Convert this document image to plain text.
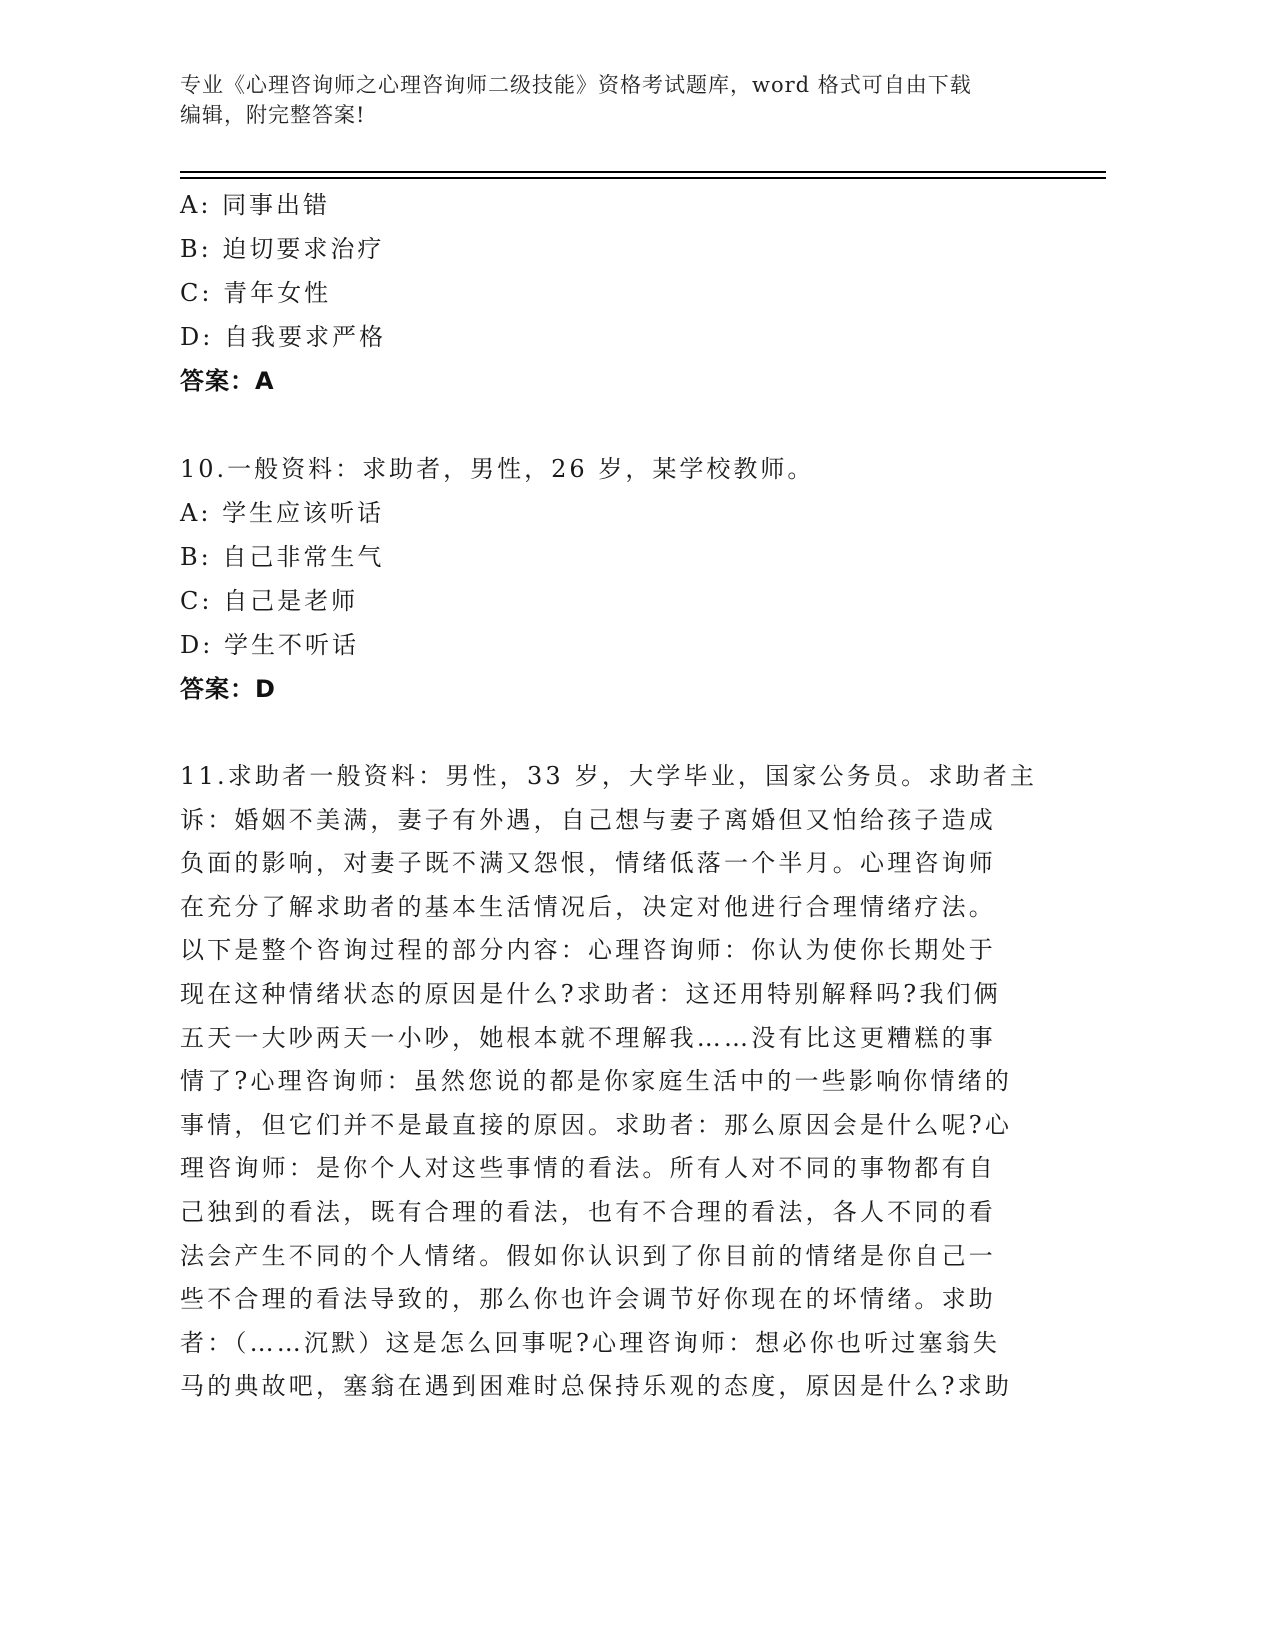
专业《心理咨询师之心理咨询师二级技能》资格考试题库，word 格式可自由下载
编辑，附完整答案!
A: 同事出错
B: 迫切要求治疗
C: 青年女性
D: 自我要求严格
答案：A
10.一般资料：求助者，男性，26 岁，某学校教师。
A: 学生应该听话
B: 自己非常生气
C: 自己是老师
D: 学生不听话
答案：D
11.求助者一般资料：男性，33 岁，大学毕业，国家公务员。求助者主
诉：婚姻不美满，妻子有外遇，自己想与妻子离婚但又怕给孩子造成
负面的影响，对妻子既不满又怨恨，情绪低落一个半月。心理咨询师
在充分了解求助者的基本生活情况后，决定对他进行合理情绪疗法。
以下是整个咨询过程的部分内容：心理咨询师：你认为使你长期处于
现在这种情绪状态的原因是什么?求助者：这还用特别解释吗?我们俩
五天一大吵两天一小吵，她根本就不理解我……没有比这更糟糕的事
情了?心理咨询师：虽然您说的都是你家庭生活中的一些影响你情绪的
事情，但它们并不是最直接的原因。求助者：那么原因会是什么呢?心
理咨询师：是你个人对这些事情的看法。所有人对不同的事物都有自
己独到的看法，既有合理的看法，也有不合理的看法，各人不同的看
法会产生不同的个人情绪。假如你认识到了你目前的情绪是你自己一
些不合理的看法导致的，那么你也许会调节好你现在的坏情绪。求助
者：（……沉默）这是怎么回事呢?心理咨询师：想必你也听过塞翁失
马的典故吧，塞翁在遇到困难时总保持乐观的态度，原因是什么?求助
